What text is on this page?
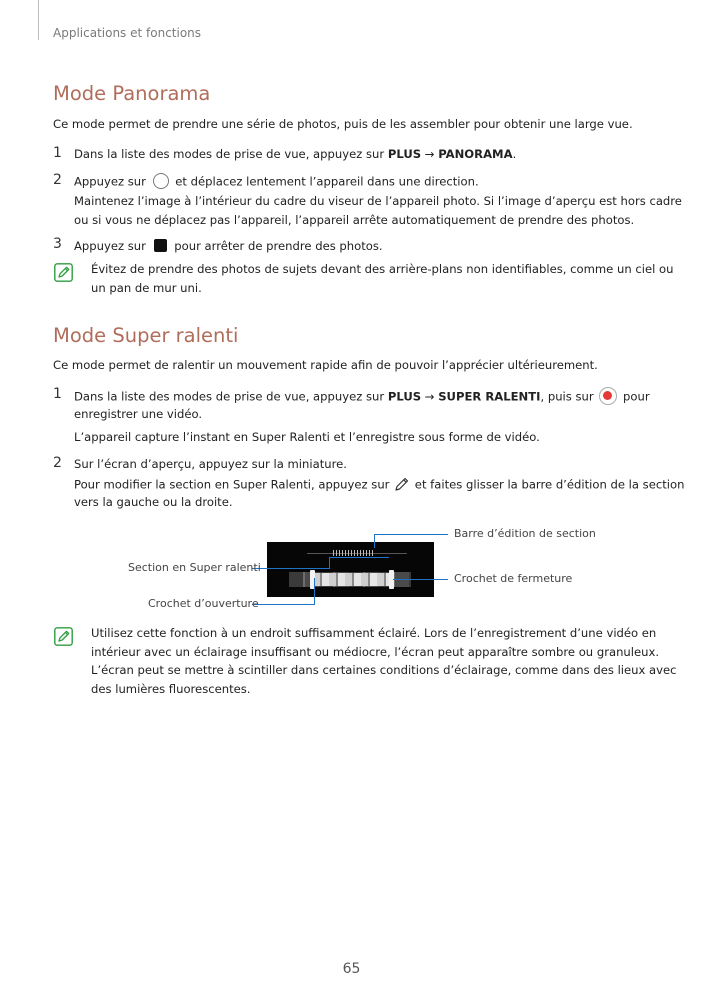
Applications et fonctions
Mode Panorama
Ce mode permet de prendre une série de photos, puis de les assembler pour obtenir une large vue.
1 Dans la liste des modes de prise de vue, appuyez sur PLUS → PANORAMA.
2 Appuyez sur  et déplacez lentement l’appareil dans une direction.
Maintenez l’image à l’intérieur du cadre du viseur de l’appareil photo. Si l’image d’aperçu est hors cadre
ou si vous ne déplacez pas l’appareil, l’appareil arrête automatiquement de prendre des photos.
3 Appuyez sur  pour arrêter de prendre des photos.
Évitez de prendre des photos de sujets devant des arrière-plans non identifiables, comme un ciel ou
un pan de mur uni.
Mode Super ralenti
Ce mode permet de ralentir un mouvement rapide afin de pouvoir l’apprécier ultérieurement.
1 Dans la liste des modes de prise de vue, appuyez sur PLUS → SUPER RALENTI, puis sur  pour
enregistrer une vidéo.
L’appareil capture l’instant en Super Ralenti et l’enregistre sous forme de vidéo.
2 Sur l’écran d’aperçu, appuyez sur la miniature.
Pour modifier la section en Super Ralenti, appuyez sur  et faites glisser la barre d’édition de la section
vers la gauche ou la droite.
Barre d’édition de section
Section en Super ralenti
Crochet de fermeture
Crochet d’ouverture
Utilisez cette fonction à un endroit suffisamment éclairé. Lors de l’enregistrement d’une vidéo en
intérieur avec un éclairage insuffisant ou médiocre, l’écran peut apparaître sombre ou granuleux.
L’écran peut se mettre à scintiller dans certaines conditions d’éclairage, comme dans des lieux avec
des lumières fluorescentes.
65
